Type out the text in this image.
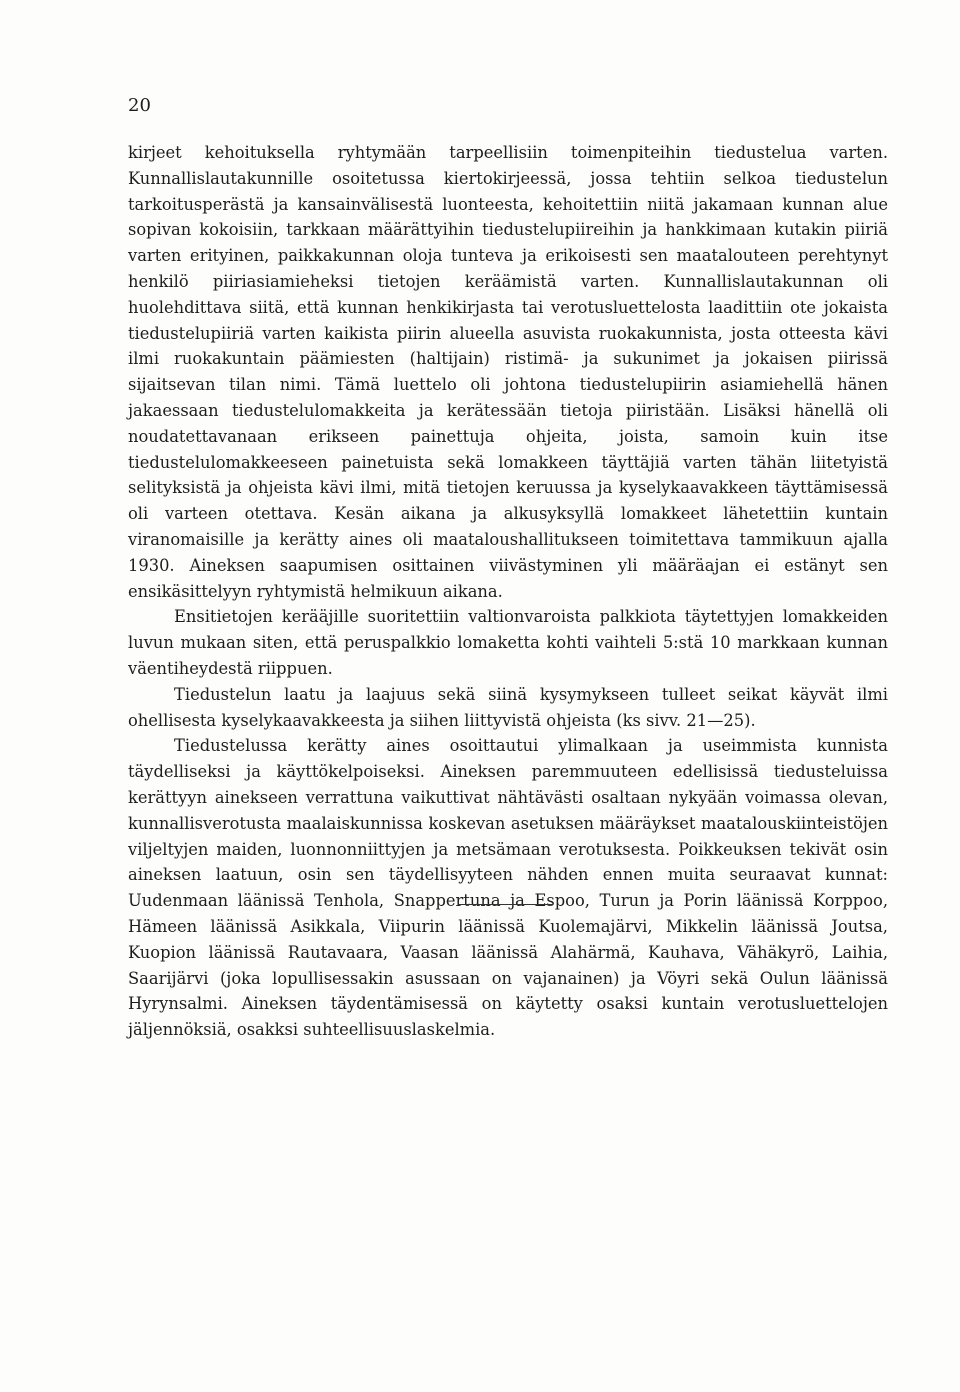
20

kirjeet kehoituksella ryhtymään tarpeellisiin toimenpiteihin tiedustelua varten. Kunnallislautakunnille osoitetussa kiertokirjeessä, jossa tehtiin selkoa tiedustelun tarkoitusperästä ja kansainvälisestä luonteesta, kehoitettiin niitä jakamaan kunnan alue sopivan kokoisiin, tarkkaan määrättyihin tiedustelupiireihin ja hankkimaan kutakin piiriä varten erityinen, paikkakunnan oloja tunteva ja erikoisesti sen maatalouteen perehtynyt henkilö piiriasiamieheksi tietojen keräämistä varten. Kunnallislautakunnan oli huolehdittava siitä, että kunnan henkikirjasta tai verotusluettelosta laadittiin ote jokaista tiedustelupiiriä varten kaikista piirin alueella asuvista ruokakunnista, josta otteesta kävi ilmi ruokakuntain päämiesten (haltijain) ristimä- ja sukunimet ja jokaisen piirissä sijaitsevan tilan nimi. Tämä luettelo oli johtona tiedustelupiirin asiamiehellä hänen jakaessaan tiedustelulomakkeita ja kerätessään tietoja piiristään. Lisäksi hänellä oli noudatettavanaan erikseen painettuja ohjeita, joista, samoin kuin itse tiedustelulomakkeeseen painetuista sekä lomakkeen täyttäjiä varten tähän liitetyistä selityksistä ja ohjeista kävi ilmi, mitä tietojen keruussa ja kyselykaavakkeen täyttämisessä oli varteen otettava. Kesän aikana ja alkusyksyllä lomakkeet lähetettiin kuntain viranomaisille ja kerätty aines oli maataloushallitukseen toimitettava tammikuun ajalla 1930. Aineksen saapumisen osittainen viivästyminen yli määräajan ei estänyt sen ensikäsittelyyn ryhtymistä helmikuun aikana.

Ensitietojen kerääjille suoritettiin valtionvaroista palkkiota täytettyjen lomakkeiden luvun mukaan siten, että peruspalkkio lomaketta kohti vaihteli 5:stä 10 markkaan kunnan väentiheydestä riippuen.

Tiedustelun laatu ja laajuus sekä siinä kysymykseen tulleet seikat käyvät ilmi ohellisesta kyselykaavakkeesta ja siihen liittyvistä ohjeista (ks sivv. 21—25).

Tiedustelussa kerätty aines osoittautui ylimalkaan ja useimmista kunnista täydelliseksi ja käyttökelpoiseksi. Aineksen paremmuuteen edellisissä tiedusteluissa kerättyyn ainekseen verrattuna vaikuttivat nähtävästi osaltaan nykyään voimassa olevan, kunnallisverotusta maalaiskunnissa koskevan asetuksen määräykset maatalouskiinteistöjen viljeltyjen maiden, luonnonniittyjen ja metsämaan verotuksesta. Poikkeuksen tekivät osin aineksen laatuun, osin sen täydellisyyteen nähden ennen muita seuraavat kunnat: Uudenmaan läänissä Tenhola, Snappertuna ja Espoo, Turun ja Porin läänissä Korppoo, Hämeen läänissä Asikkala, Viipurin läänissä Kuolemajärvi, Mikkelin läänissä Joutsa, Kuopion läänissä Rautavaara, Vaasan läänissä Alahärmä, Kauhava, Vähäkyrö, Laihia, Saarijärvi (joka lopullisessakin asussaan on vajanainen) ja Vöyri sekä Oulun läänissä Hyrynsalmi. Aineksen täydentämisessä on käytetty osaksi kuntain verotusluettelojen jäljennöksiä, osakksi suhteellisuuslaskelmia.
